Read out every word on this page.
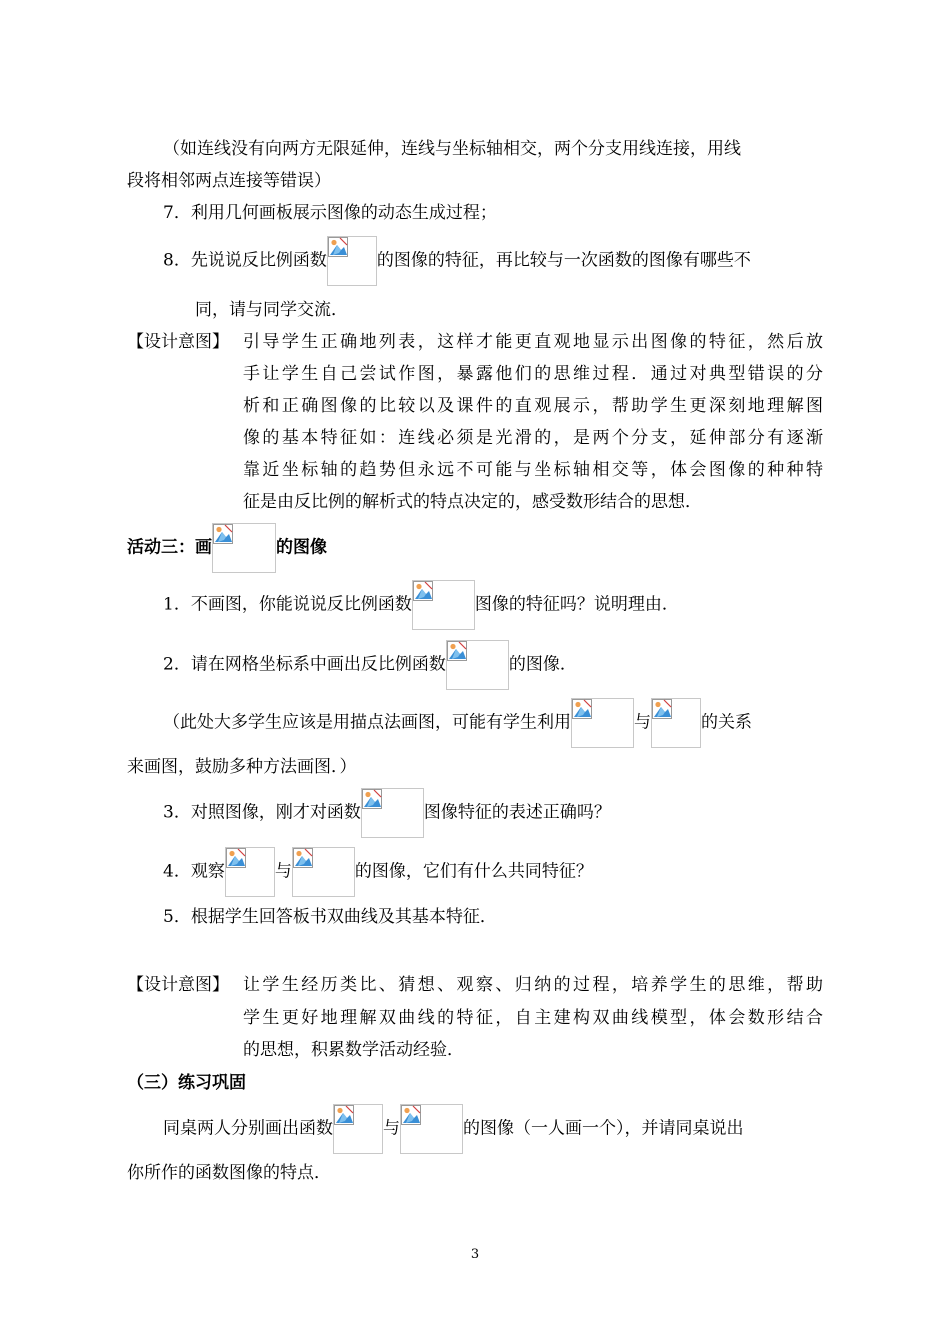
（如连线没有向两方无限延伸，连线与坐标轴相交，两个分支用线连接，用线
段将相邻两点连接等错误）
7．利用几何画板展示图像的动态生成过程；
8．先说说反比例函数	的图像的特征，再比较与一次函数的图像有哪些不
同，请与同学交流．
【设计意图】 引导学生正确地列表，这样才能更直观地显示出图像的特征，然后放
手让学生自己尝试作图，暴露他们的思维过程．通过对典型错误的分
析和正确图像的比较以及课件的直观展示，帮助学生更深刻地理解图
像的基本特征如：连线必须是光滑的，是两个分支，延伸部分有逐渐
靠近坐标轴的趋势但永远不可能与坐标轴相交等，体会图像的种种特
征是由反比例的解析式的特点决定的，感受数形结合的思想．
活动三：画	的图像
1．不画图，你能说说反比例函数	图像的特征吗？说明理由．
2．请在网格坐标系中画出反比例函数	的图像．
（此处大多学生应该是用描点法画图，可能有学生利用	与	的关系
来画图，鼓励多种方法画图．）
3．对照图像，刚才对函数	图像特征的表述正确吗？
4．观察	与	的图像，它们有什么共同特征？
5．根据学生回答板书双曲线及其基本特征．
【设计意图】 让学生经历类比、猜想、观察、归纳的过程，培养学生的思维，帮助
学生更好地理解双曲线的特征，自主建构双曲线模型，体会数形结合
的思想，积累数学活动经验．
（三）练习巩固
同桌两人分别画出函数	与	的图像（一人画一个），并请同桌说出
你所作的函数图像的特点．
3
